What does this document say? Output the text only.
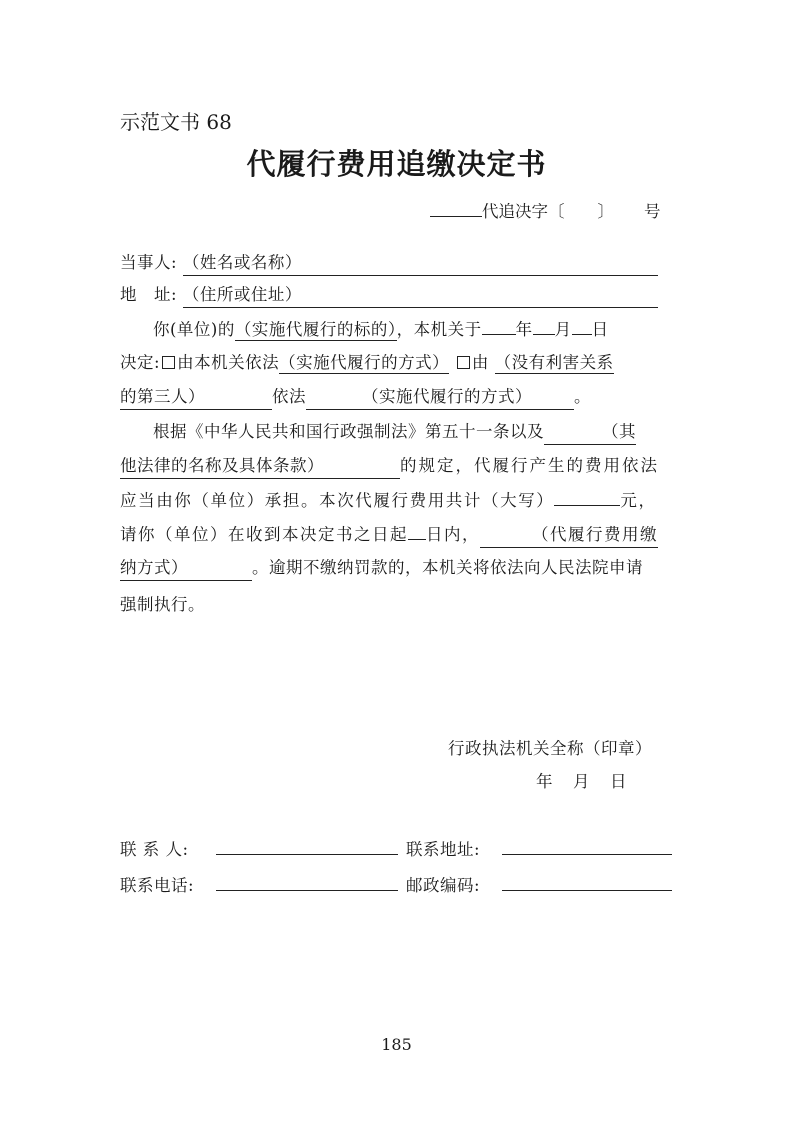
示范文书 68
代履行费用追缴决定书
代追决字〔　　〕 号
当事人: （姓名或名称）
地　址: （住所或住址）
你(单位)的（实施代履行的标的），本机关于 年 月 日
决定: 由本机关依法（实施代履行的方式） 由 （没有利害关系
的第三人）	依法	（实施代履行的方式）	。
根据《中华人民共和国行政强制法》第五十一条以及	（其
他法律的名称及具体条款）	的规定，代履行产生的费用依法
应当由你（单位）承担。本次代履行费用共计（大写）	元，
请你（单位）在收到本决定书之日起 日内，	（代履行费用缴
纳方式）	。逾期不缴纳罚款的，本机关将依法向人民法院申请
强制执行。
行政执法机关全称（印章）
年　月　日
联 系 人:	联系地址:
联系电话:	邮政编码:
185
